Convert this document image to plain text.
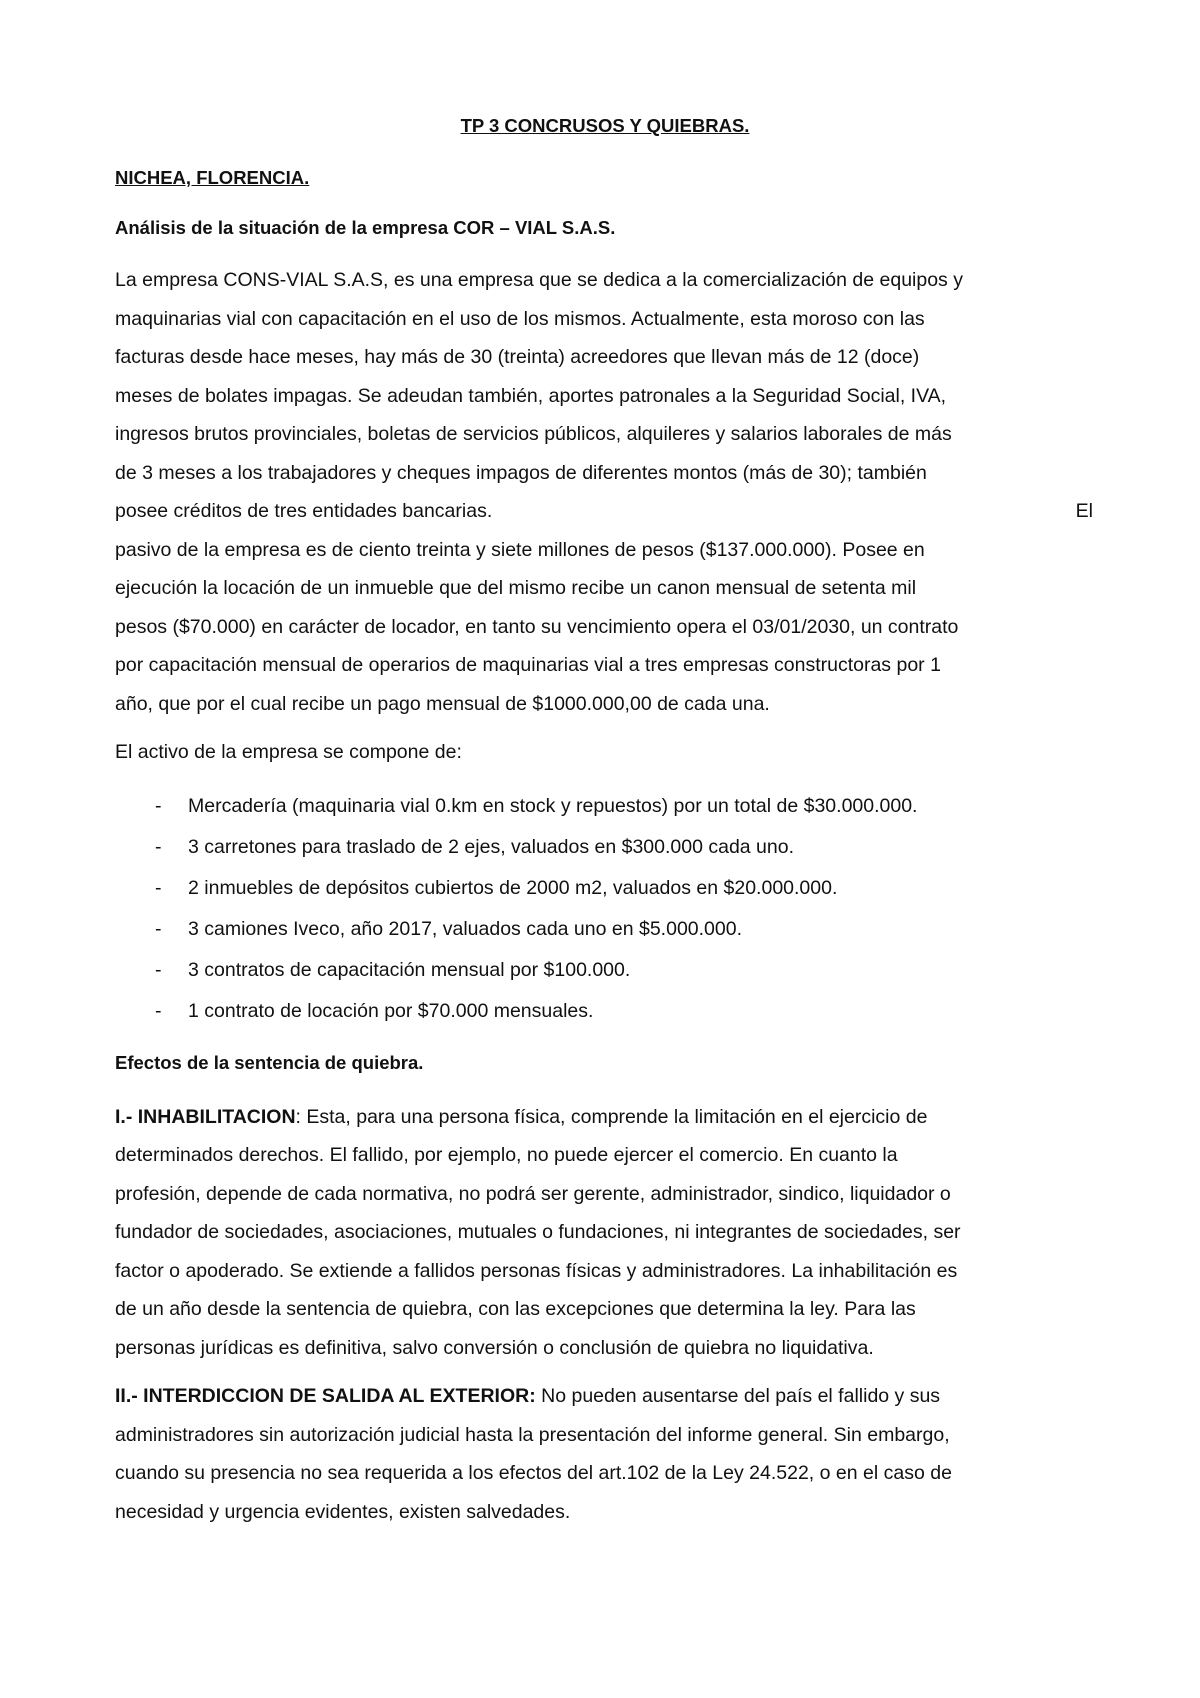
TP 3 CONCRUSOS Y QUIEBRAS.
NICHEA, FLORENCIA.
Análisis de la situación de la empresa COR – VIAL S.A.S.

La empresa CONS-VIAL S.A.S, es una empresa que se dedica a la comercialización de equipos y
maquinarias vial con capacitación en el uso de los mismos. Actualmente, esta moroso con las
facturas desde hace meses, hay más de 30 (treinta) acreedores que llevan más de 12 (doce)
meses de bolates impagas. Se adeudan también, aportes patronales a la Seguridad Social, IVA,
ingresos brutos provinciales, boletas de servicios públicos, alquileres y salarios laborales de más
de 3 meses a los trabajadores y cheques impagos de diferentes montos (más de 30); también
posee créditos de tres entidades bancarias.	El
pasivo de la empresa es de ciento treinta y siete millones de pesos ($137.000.000). Posee en
ejecución la locación de un inmueble que del mismo recibe un canon mensual de setenta mil
pesos ($70.000) en carácter de locador, en tanto su vencimiento opera el 03/01/2030, un contrato
por capacitación mensual de operarios de maquinarias vial a tres empresas constructoras por 1
año, que por el cual recibe un pago mensual de $1000.000,00 de cada una.

El activo de la empresa se compone de:

-	Mercadería (maquinaria vial 0.km en stock y repuestos) por un total de $30.000.000.
-	3 carretones para traslado de 2 ejes, valuados en $300.000 cada uno.
-	2 inmuebles de depósitos cubiertos de 2000 m2, valuados en $20.000.000.
-	3 camiones Iveco, año 2017, valuados cada uno en $5.000.000.
-	3 contratos de capacitación mensual por $100.000.
-	1 contrato de locación por $70.000 mensuales.
Efectos de la sentencia de quiebra.

I.- INHABILITACION: Esta, para una persona física, comprende la limitación en el ejercicio de
determinados derechos. El fallido, por ejemplo, no puede ejercer el comercio. En cuanto la
profesión, depende de cada normativa, no podrá ser gerente, administrador, sindico, liquidador o
fundador de sociedades, asociaciones, mutuales o fundaciones, ni integrantes de sociedades, ser
factor o apoderado. Se extiende a fallidos personas físicas y administradores. La inhabilitación es
de un año desde la sentencia de quiebra, con las excepciones que determina la ley. Para las
personas jurídicas es definitiva, salvo conversión o conclusión de quiebra no liquidativa.

II.- INTERDICCION DE SALIDA AL EXTERIOR: No pueden ausentarse del país el fallido y sus
administradores sin autorización judicial hasta la presentación del informe general. Sin embargo,
cuando su presencia no sea requerida a los efectos del art.102 de la Ley 24.522, o en el caso de
necesidad y urgencia evidentes, existen salvedades.
